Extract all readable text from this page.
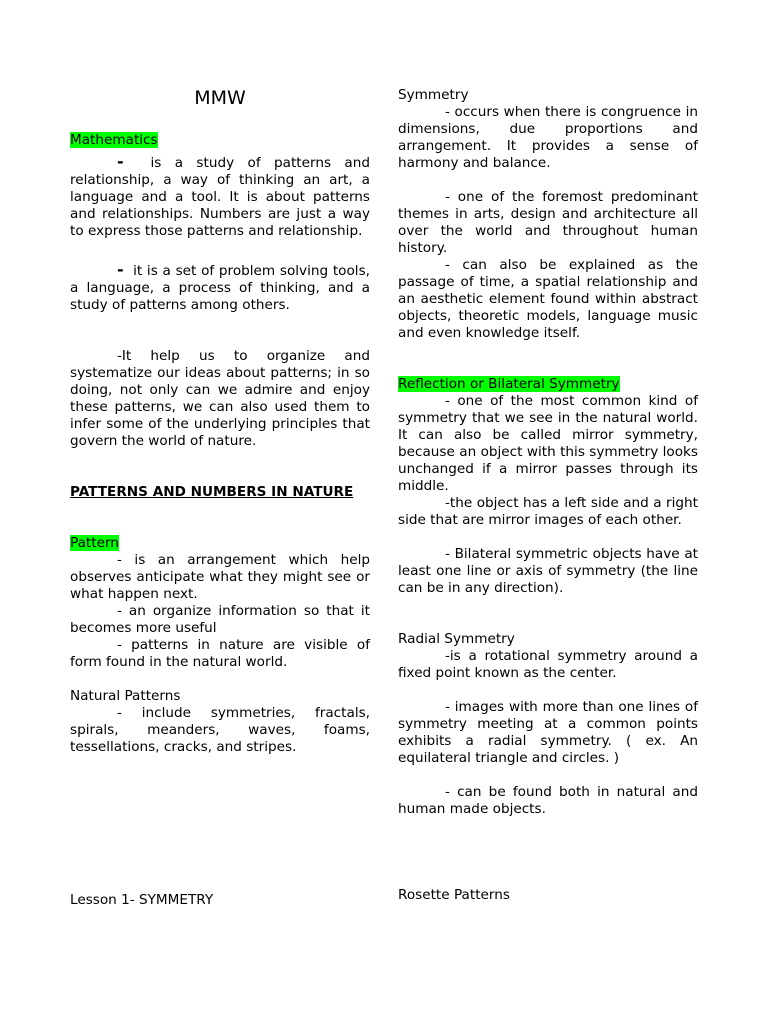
MMW
Mathematics

- is a study of patterns and relationship, a way of thinking an art, a language and a tool. It is about patterns and relationships. Numbers are just a way to express those patterns and relationship.

- it is a set of problem solving tools, a language, a process of thinking, and a study of patterns among others.

-It help us to organize and systematize our ideas about patterns; in so doing, not only can we admire and enjoy these patterns, we can also used them to infer some of the underlying principles that govern the world of nature.

PATTERNS AND NUMBERS IN NATURE

Pattern

- is an arrangement which help observes anticipate what they might see or what happen next.

- an organize information so that it becomes more useful

- patterns in nature are visible of form found in the natural world.

Natural Patterns

- include symmetries, fractals, spirals, meanders, waves, foams, tessellations, cracks, and stripes.

Lesson 1- SYMMETRY

Symmetry

- occurs when there is congruence in dimensions, due proportions and arrangement. It provides a sense of harmony and balance.

- one of the foremost predominant themes in arts, design and architecture all over the world and throughout human history.

- can also be explained as the passage of time, a spatial relationship and an aesthetic element found within abstract objects, theoretic models, language music and even knowledge itself.

Reflection or Bilateral Symmetry

- one of the most common kind of symmetry that we see in the natural world. It can also be called mirror symmetry, because an object with this symmetry looks unchanged if a mirror passes through its middle.

-the object has a left side and a right side that are mirror images of each other.

- Bilateral symmetric objects have at least one line or axis of symmetry (the line can be in any direction).

Radial Symmetry

-is a rotational symmetry around a fixed point known as the center.

- images with more than one lines of symmetry meeting at a common points exhibits a radial symmetry. ( ex. An equilateral triangle and circles. )

- can be found both in natural and human made objects.

Rosette Patterns
